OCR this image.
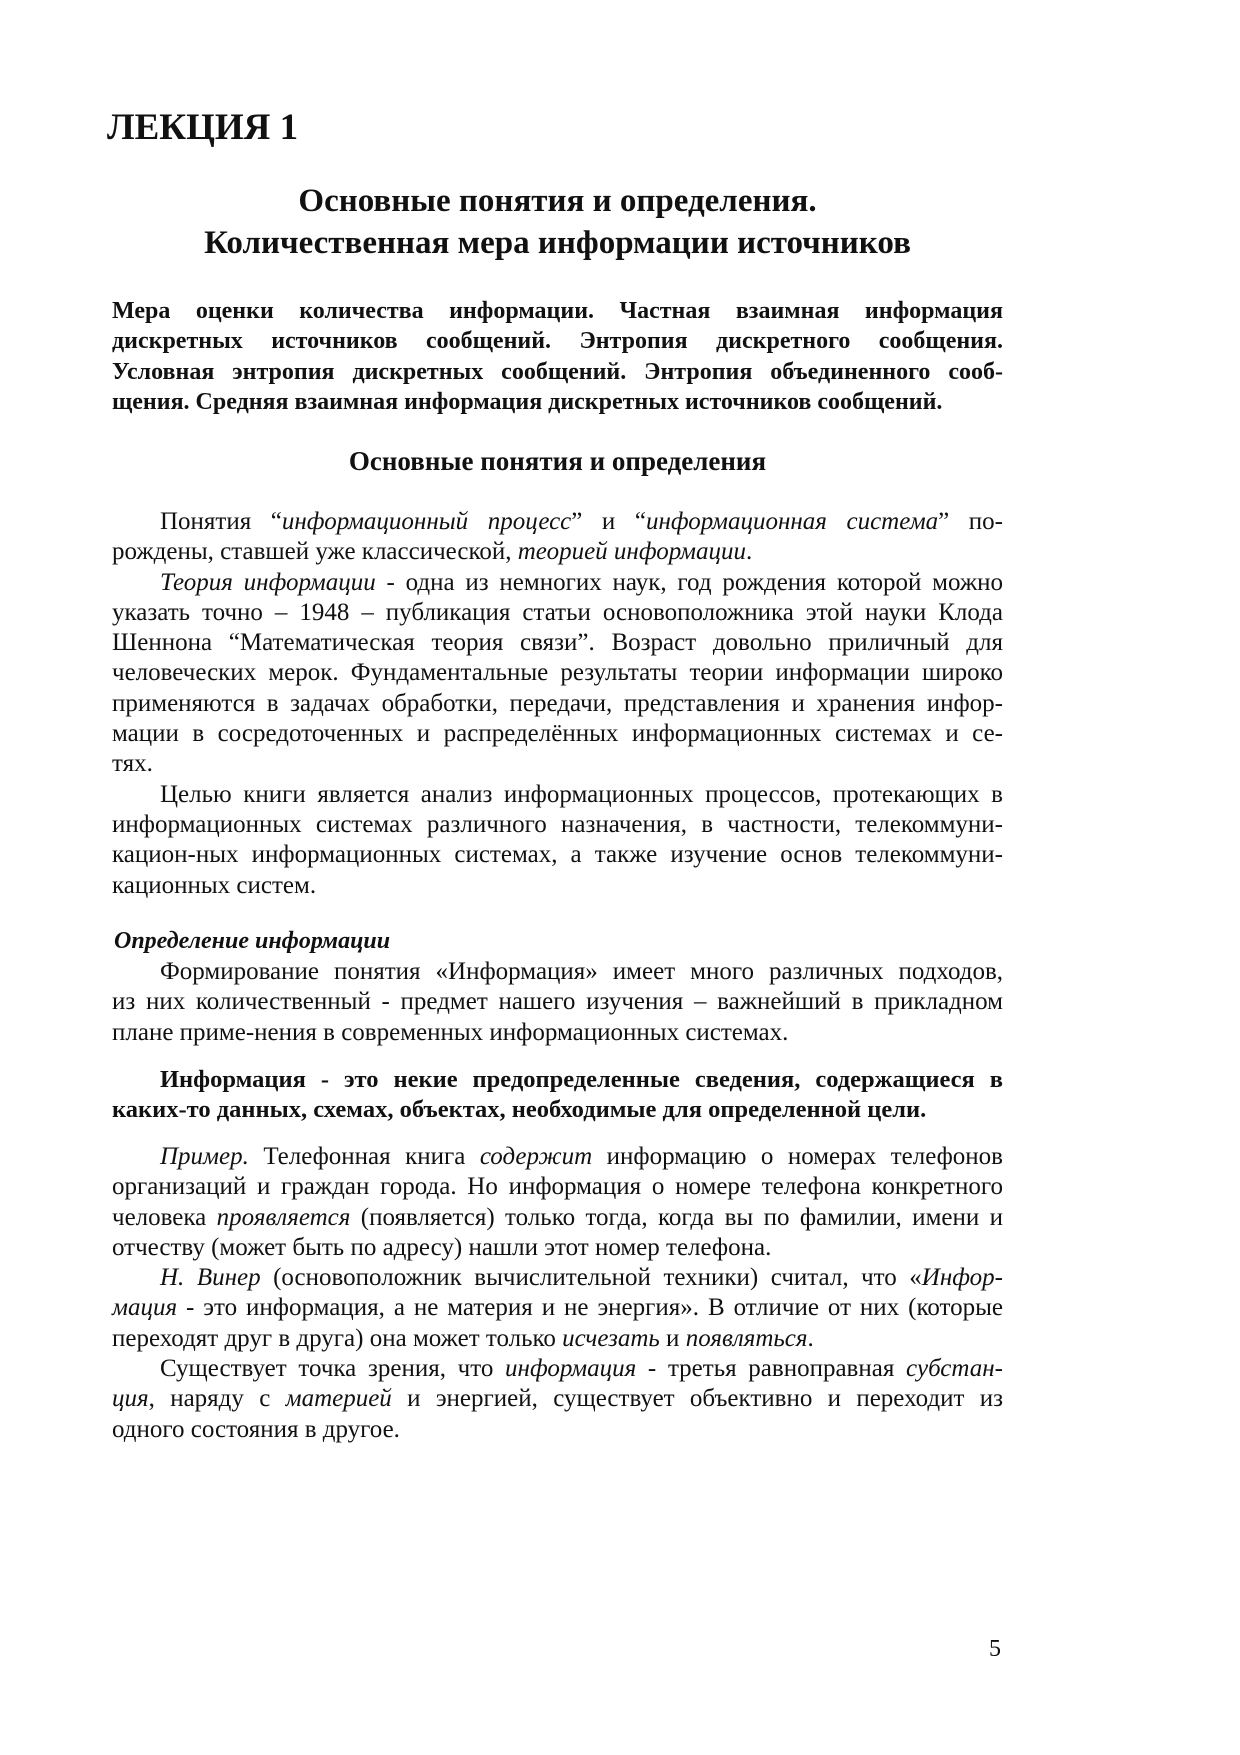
ЛЕКЦИЯ 1
Основные понятия и определения.
Количественная мера информации источников
Мера оценки количества информации. Частная взаимная информация
дискретных источников сообщений. Энтропия дискретного сообщения.
Условная энтропия дискретных сообщений. Энтропия объединенного сооб-
щения. Средняя взаимная информация дискретных источников сообщений.
Основные понятия и определения
Понятия “информационный процесс” и “информационная система” по-
рождены, ставшей уже классической, теорией информации.
Теория информации - одна из немногих наук, год рождения которой можно
указать точно – 1948 – публикация статьи основоположника этой науки Клода
Шеннона “Математическая теория связи”. Возраст довольно приличный для
человеческих мерок. Фундаментальные результаты теории информации широко
применяются в задачах обработки, передачи, представления и хранения инфор-
мации в сосредоточенных и распределённых информационных системах и се-
тях.
Целью книги является анализ информационных процессов, протекающих в
информационных системах различного назначения, в частности, телекоммуни-
кацион-ных информационных системах, а также изучение основ телекоммуни-
кационных систем.
Определение информации
Формирование понятия «Информация» имеет много различных подходов,
из них количественный - предмет нашего изучения – важнейший в прикладном
плане приме-нения в современных информационных системах.
Информация - это некие предопределенные сведения, содержащиеся в
каких-то данных, схемах, объектах, необходимые для определенной цели.
Пример. Телефонная книга содержит информацию о номерах телефонов
организаций и граждан города. Но информация о номере телефона конкретного
человека проявляется (появляется) только тогда, когда вы по фамилии, имени и
отчеству (может быть по адресу) нашли этот номер телефона.
Н. Винер (основоположник вычислительной техники) считал, что «Инфор-
мация - это информация, а не материя и не энергия». В отличие от них (которые
переходят друг в друга) она может только исчезать и появляться.
Существует точка зрения, что информация - третья равноправная субстан-
ция, наряду с материей и энергией, существует объективно и переходит из
одного состояния в другое.
5
